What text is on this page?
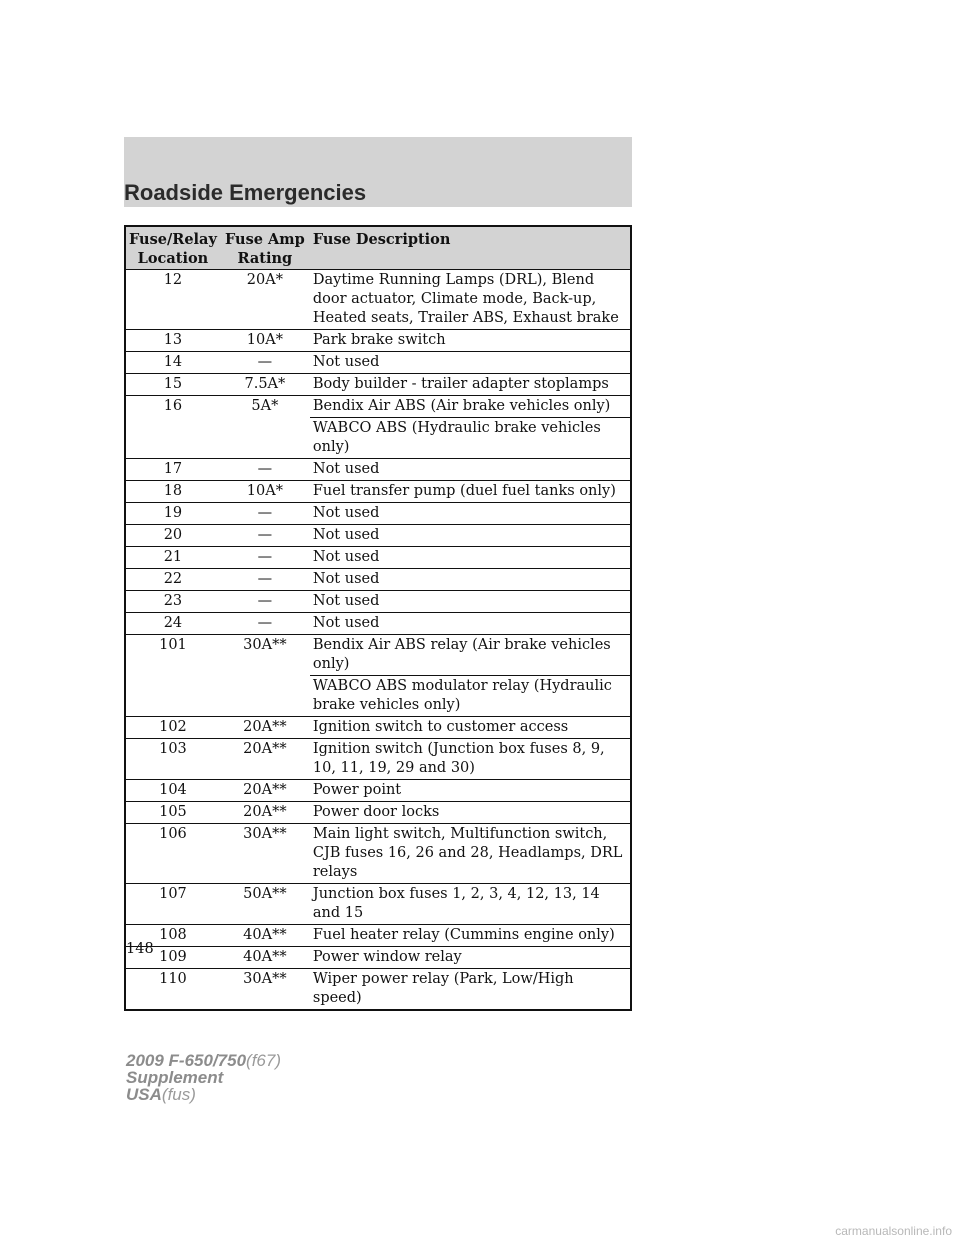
Roadside Emergencies
Fuse/Relay Location	Fuse Amp Rating	Fuse Description
12	20A*	Daytime Running Lamps (DRL), Blend door actuator, Climate mode, Back-up, Heated seats, Trailer ABS, Exhaust brake
13	10A*	Park brake switch
14	—	Not used
15	7.5A*	Body builder - trailer adapter stoplamps
16	5A*	Bendix Air ABS (Air brake vehicles only)
		WABCO ABS (Hydraulic brake vehicles only)
17	—	Not used
18	10A*	Fuel transfer pump (duel fuel tanks only)
19	—	Not used
20	—	Not used
21	—	Not used
22	—	Not used
23	—	Not used
24	—	Not used
101	30A**	Bendix Air ABS relay (Air brake vehicles only)
		WABCO ABS modulator relay (Hydraulic brake vehicles only)
102	20A**	Ignition switch to customer access
103	20A**	Ignition switch (Junction box fuses 8, 9, 10, 11, 19, 29 and 30)
104	20A**	Power point
105	20A**	Power door locks
106	30A**	Main light switch, Multifunction switch, CJB fuses 16, 26 and 28, Headlamps, DRL relays
107	50A**	Junction box fuses 1, 2, 3, 4, 12, 13, 14 and 15
108	40A**	Fuel heater relay (Cummins engine only)
109	40A**	Power window relay
110	30A**	Wiper power relay (Park, Low/High speed)
148
2009 F-650/750(f67)
Supplement
USA(fus)
carmanualsonline.info
